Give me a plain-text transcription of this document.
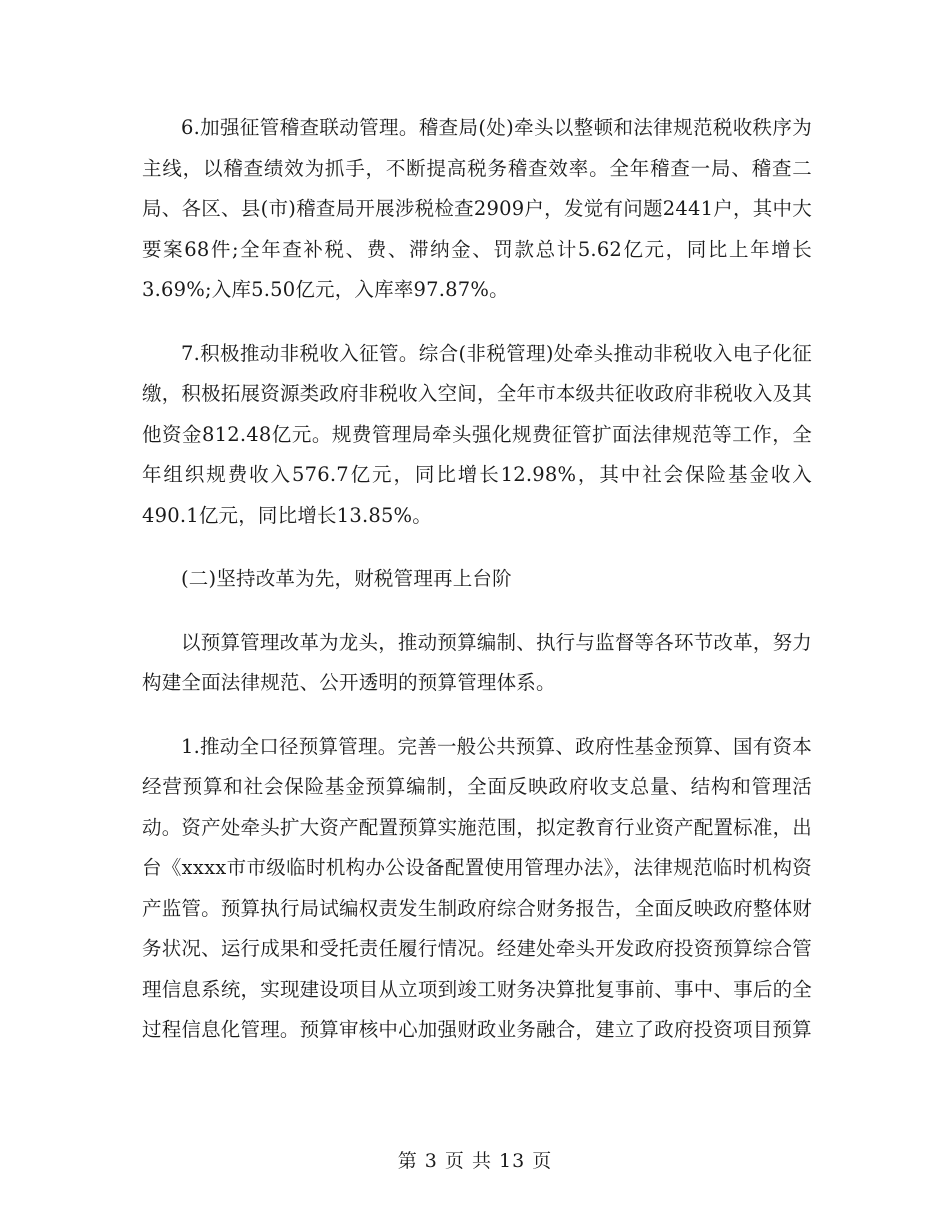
6.加强征管稽查联动管理。稽查局(处)牵头以整顿和法律规范税收秩序为主线，以稽查绩效为抓手，不断提高税务稽查效率。全年稽查一局、稽查二局、各区、县(市)稽查局开展涉税检查2909户，发觉有问题2441户，其中大要案68件;全年查补税、费、滞纳金、罚款总计5.62亿元，同比上年增长3.69%;入库5.50亿元，入库率97.87%。

7.积极推动非税收入征管。综合(非税管理)处牵头推动非税收入电子化征缴，积极拓展资源类政府非税收入空间，全年市本级共征收政府非税收入及其他资金812.48亿元。规费管理局牵头强化规费征管扩面法律规范等工作，全年组织规费收入576.7亿元，同比增长12.98%，其中社会保险基金收入490.1亿元，同比增长13.85%。

(二)坚持改革为先，财税管理再上台阶

以预算管理改革为龙头，推动预算编制、执行与监督等各环节改革，努力构建全面法律规范、公开透明的预算管理体系。

1.推动全口径预算管理。完善一般公共预算、政府性基金预算、国有资本经营预算和社会保险基金预算编制，全面反映政府收支总量、结构和管理活动。资产处牵头扩大资产配置预算实施范围，拟定教育行业资产配置标准，出台《xxxx市市级临时机构办公设备配置使用管理办法》，法律规范临时机构资产监管。预算执行局试编权责发生制政府综合财务报告，全面反映政府整体财务状况、运行成果和受托责任履行情况。经建处牵头开发政府投资预算综合管理信息系统，实现建设项目从立项到竣工财务决算批复事前、事中、事后的全过程信息化管理。预算审核中心加强财政业务融合，建立了政府投资项目预算

第 3 页 共 13 页
